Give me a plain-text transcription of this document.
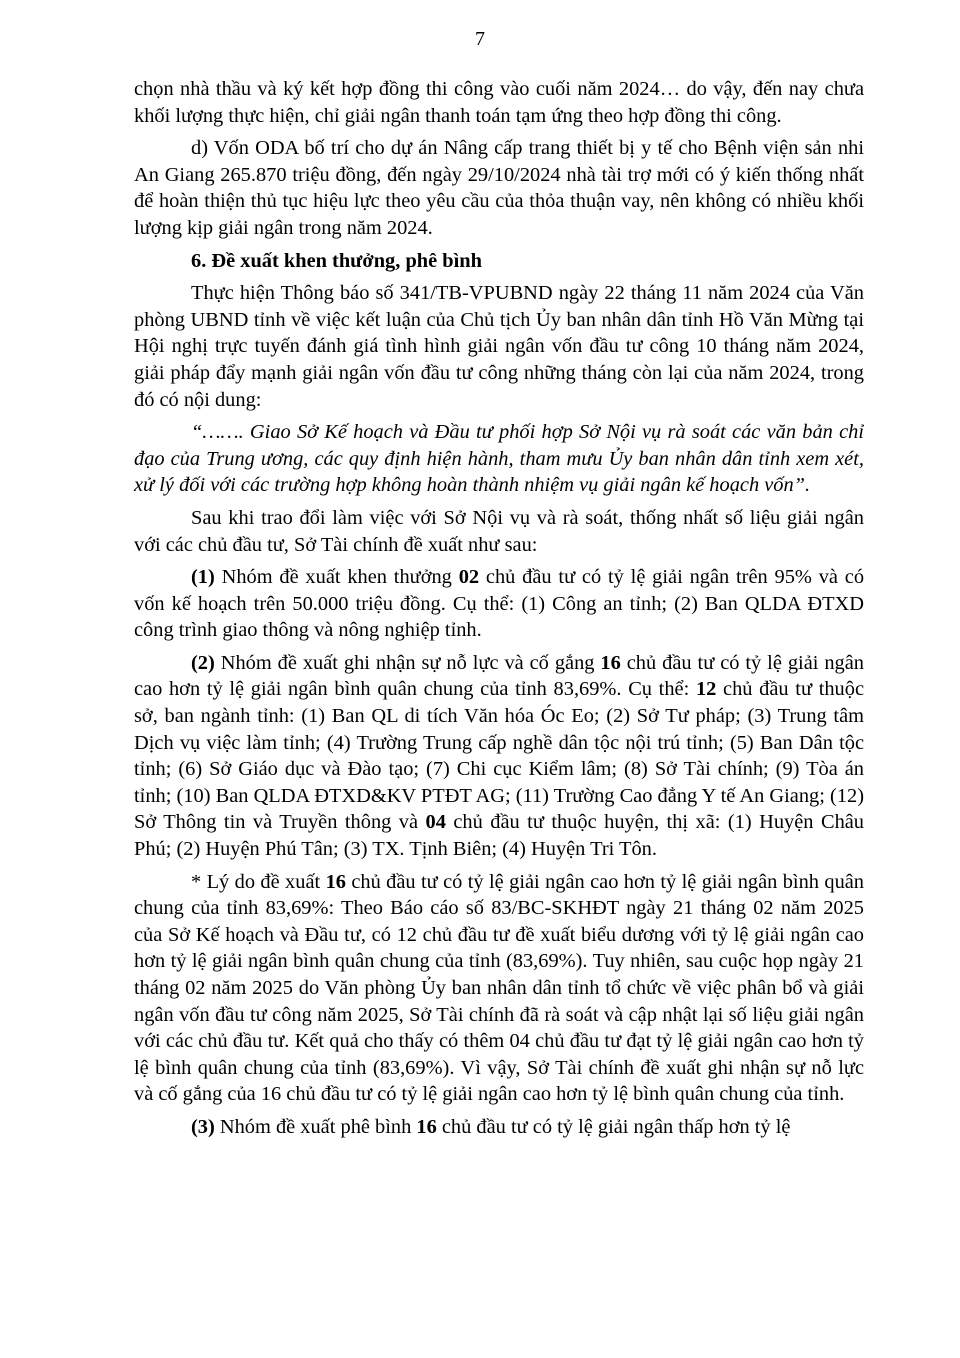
7

chọn nhà thầu và ký kết hợp đồng thi công vào cuối năm 2024… do vậy, đến nay chưa khối lượng thực hiện, chỉ giải ngân thanh toán tạm ứng theo hợp đồng thi công.

d) Vốn ODA bố trí cho dự án Nâng cấp trang thiết bị y tế cho Bệnh viện sản nhi An Giang 265.870 triệu đồng, đến ngày 29/10/2024 nhà tài trợ mới có ý kiến thống nhất để hoàn thiện thủ tục hiệu lực theo yêu cầu của thỏa thuận vay, nên không có nhiều khối lượng kịp giải ngân trong năm 2024.

6. Đề xuất khen thưởng, phê bình

Thực hiện Thông báo số 341/TB-VPUBND ngày 22 tháng 11 năm 2024 của Văn phòng UBND tỉnh về việc kết luận của Chủ tịch Ủy ban nhân dân tỉnh Hồ Văn Mừng tại Hội nghị trực tuyến đánh giá tình hình giải ngân vốn đầu tư công 10 tháng năm 2024, giải pháp đẩy mạnh giải ngân vốn đầu tư công những tháng còn lại của năm 2024, trong đó có nội dung:

“……. Giao Sở Kế hoạch và Đầu tư phối hợp Sở Nội vụ rà soát các văn bản chỉ đạo của Trung ương, các quy định hiện hành, tham mưu Ủy ban nhân dân tỉnh xem xét, xử lý đối với các trường hợp không hoàn thành nhiệm vụ giải ngân kế hoạch vốn”.

Sau khi trao đổi làm việc với Sở Nội vụ và rà soát, thống nhất số liệu giải ngân với các chủ đầu tư, Sở Tài chính đề xuất như sau:

(1) Nhóm đề xuất khen thưởng 02 chủ đầu tư có tỷ lệ giải ngân trên 95% và có vốn kế hoạch trên 50.000 triệu đồng. Cụ thể: (1) Công an tỉnh; (2) Ban QLDA ĐTXD công trình giao thông và nông nghiệp tỉnh.

(2) Nhóm đề xuất ghi nhận sự nỗ lực và cố gắng 16 chủ đầu tư có tỷ lệ giải ngân cao hơn tỷ lệ giải ngân bình quân chung của tỉnh 83,69%. Cụ thể: 12 chủ đầu tư thuộc sở, ban ngành tỉnh: (1) Ban QL di tích Văn hóa Óc Eo; (2) Sở Tư pháp; (3) Trung tâm Dịch vụ việc làm tỉnh; (4) Trường Trung cấp nghề dân tộc nội trú tỉnh; (5) Ban Dân tộc tỉnh; (6) Sở Giáo dục và Đào tạo; (7) Chi cục Kiểm lâm; (8) Sở Tài chính; (9) Tòa án tỉnh; (10) Ban QLDA ĐTXD&KV PTĐT AG; (11) Trường Cao đẳng Y tế An Giang; (12) Sở Thông tin và Truyền thông và 04 chủ đầu tư thuộc huyện, thị xã: (1) Huyện Châu Phú; (2) Huyện Phú Tân; (3) TX. Tịnh Biên; (4) Huyện Tri Tôn.

* Lý do đề xuất 16 chủ đầu tư có tỷ lệ giải ngân cao hơn tỷ lệ giải ngân bình quân chung của tỉnh 83,69%: Theo Báo cáo số 83/BC-SKHĐT ngày 21 tháng 02 năm 2025 của Sở Kế hoạch và Đầu tư, có 12 chủ đầu tư đề xuất biểu dương với tỷ lệ giải ngân cao hơn tỷ lệ giải ngân bình quân chung của tỉnh (83,69%). Tuy nhiên, sau cuộc họp ngày 21 tháng 02 năm 2025 do Văn phòng Ủy ban nhân dân tỉnh tổ chức về việc phân bổ và giải ngân vốn đầu tư công năm 2025, Sở Tài chính đã rà soát và cập nhật lại số liệu giải ngân với các chủ đầu tư. Kết quả cho thấy có thêm 04 chủ đầu tư đạt tỷ lệ giải ngân cao hơn tỷ lệ bình quân chung của tỉnh (83,69%). Vì vậy, Sở Tài chính đề xuất ghi nhận sự nỗ lực và cố gắng của 16 chủ đầu tư có tỷ lệ giải ngân cao hơn tỷ lệ bình quân chung của tỉnh.

(3) Nhóm đề xuất phê bình 16 chủ đầu tư có tỷ lệ giải ngân thấp hơn tỷ lệ
